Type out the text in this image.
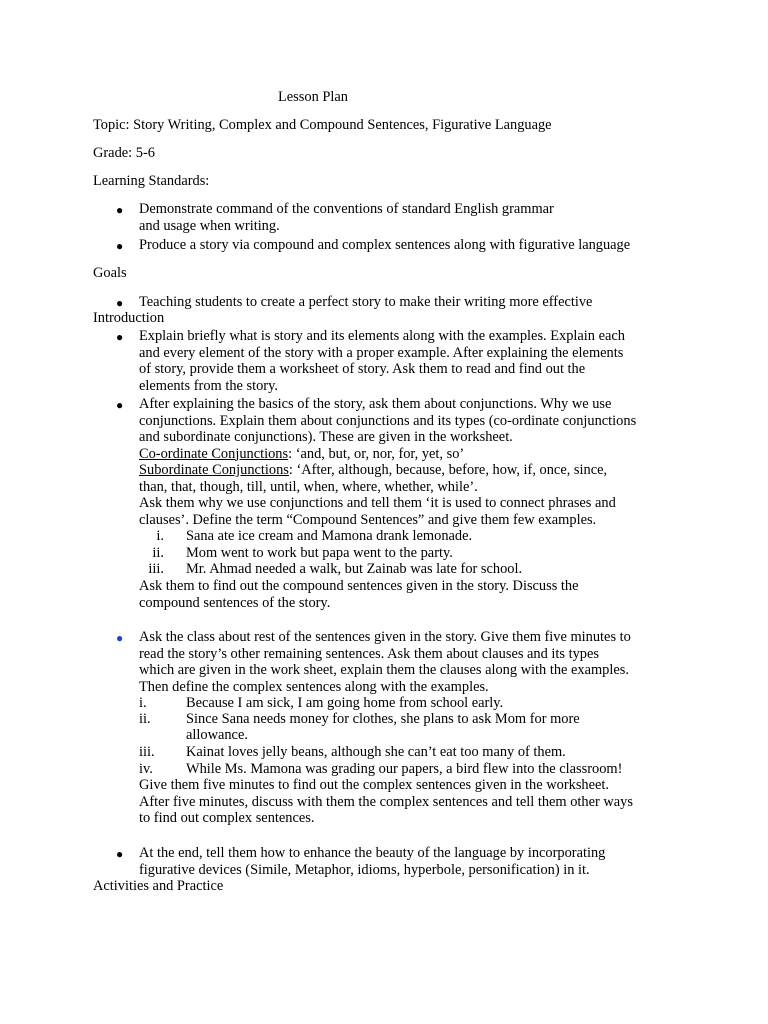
Lesson Plan
Topic: Story Writing, Complex and Compound Sentences, Figurative Language
Grade: 5-6
Learning Standards:
● Demonstrate command of the conventions of standard English grammar
and usage when writing.
● Produce a story via compound and complex sentences along with figurative language
Goals
● Teaching students to create a perfect story to make their writing more effective
Introduction
● Explain briefly what is story and its elements along with the examples. Explain each
and every element of the story with a proper example. After explaining the elements
of story, provide them a worksheet of story. Ask them to read and find out the
elements from the story.
● After explaining the basics of the story, ask them about conjunctions. Why we use
conjunctions. Explain them about conjunctions and its types (co-ordinate conjunctions
and subordinate conjunctions). These are given in the worksheet.
Co-ordinate Conjunctions: ‘and, but, or, nor, for, yet, so’
Subordinate Conjunctions: ‘After, although, because, before, how, if, once, since,
than, that, though, till, until, when, where, whether, while’.
Ask them why we use conjunctions and tell them ‘it is used to connect phrases and
clauses’. Define the term “Compound Sentences” and give them few examples.
i. Sana ate ice cream and Mamona drank lemonade.
ii. Mom went to work but papa went to the party.
iii. Mr. Ahmad needed a walk, but Zainab was late for school.
Ask them to find out the compound sentences given in the story. Discuss the
compound sentences of the story.
● Ask the class about rest of the sentences given in the story. Give them five minutes to
read the story’s other remaining sentences. Ask them about clauses and its types
which are given in the work sheet, explain them the clauses along with the examples.
Then define the complex sentences along with the examples.
i.	Because I am sick, I am going home from school early.
ii. Since Sana needs money for clothes, she plans to ask Mom for more
allowance.
iii. Kainat loves jelly beans, although she can’t eat too many of them.
iv. While Ms. Mamona was grading our papers, a bird flew into the classroom!
Give them five minutes to find out the complex sentences given in the worksheet.
After five minutes, discuss with them the complex sentences and tell them other ways
to find out complex sentences.
● At the end, tell them how to enhance the beauty of the language by incorporating
figurative devices (Simile, Metaphor, idioms, hyperbole, personification) in it.
Activities and Practice
